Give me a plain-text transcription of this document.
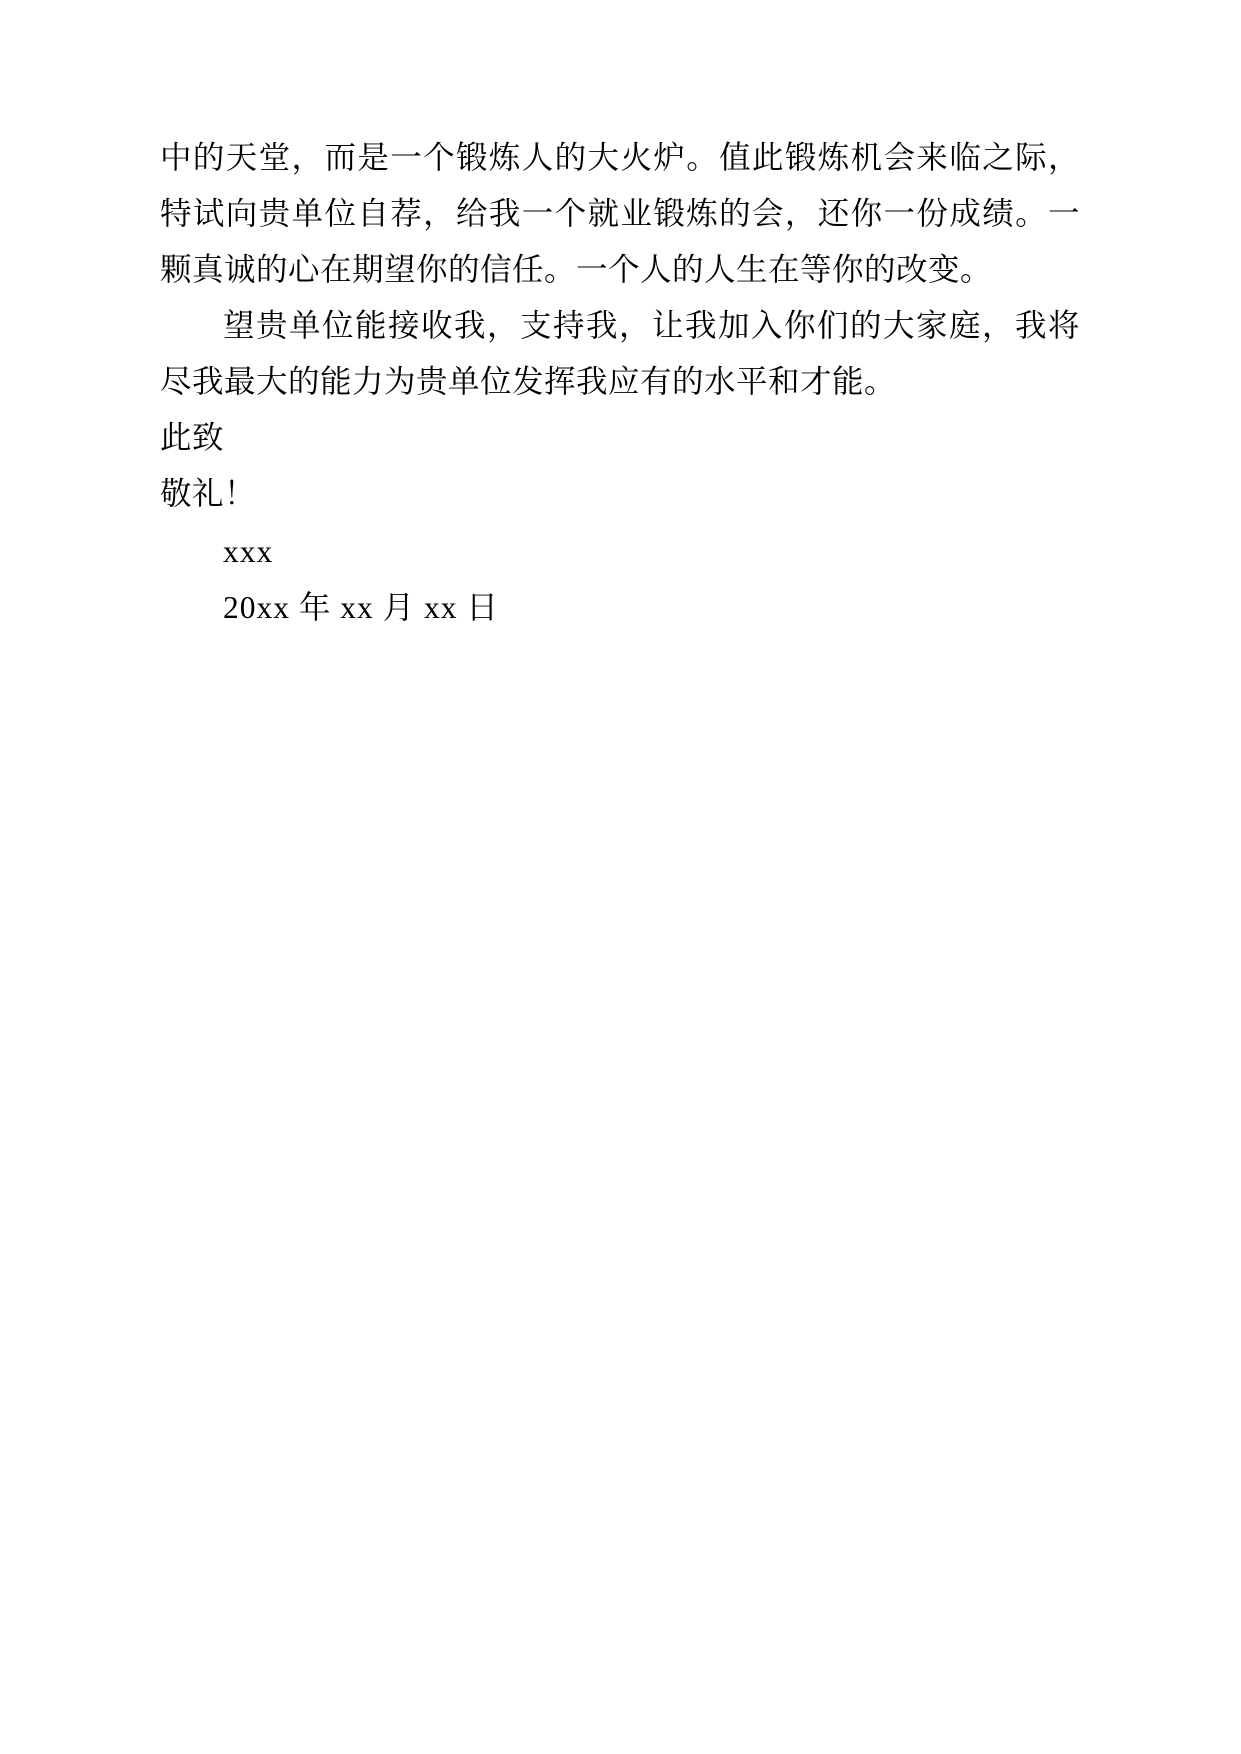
中的天堂，而是一个锻炼人的大火炉。值此锻炼机会来临之际，特试向贵单位自荐，给我一个就业锻炼的会，还你一份成绩。一颗真诚的心在期望你的信任。一个人的人生在等你的改变。

望贵单位能接收我，支持我，让我加入你们的大家庭，我将尽我最大的能力为贵单位发挥我应有的水平和才能。

此致

敬礼！

xxx

20xx 年 xx 月 xx 日
